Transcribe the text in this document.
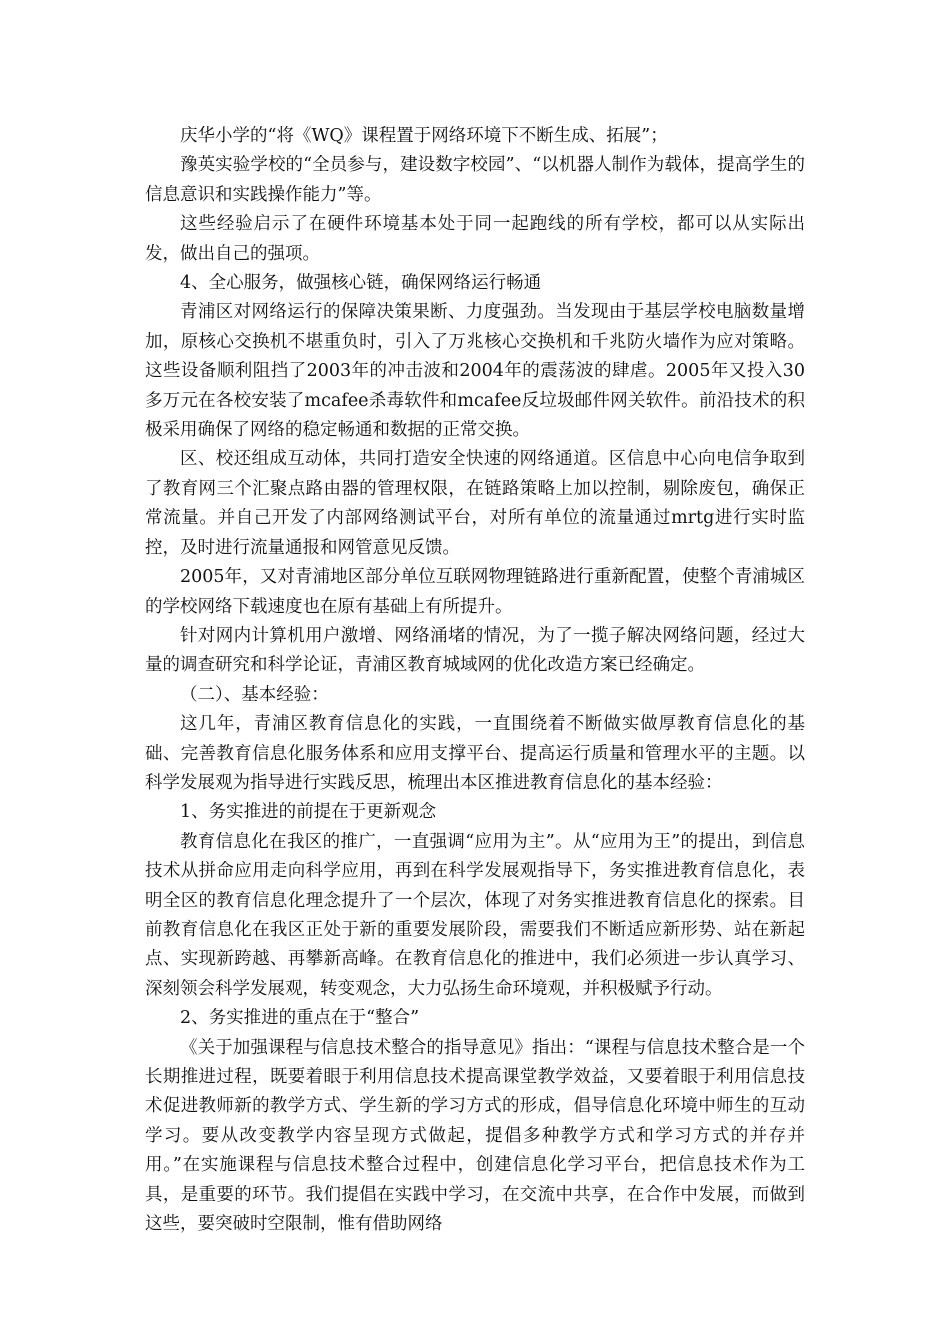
庆华小学的“将《WQ》课程置于网络环境下不断生成、拓展”；

豫英实验学校的“全员参与，建设数字校园”、“以机器人制作为载体，提高学生的信息意识和实践操作能力”等。

这些经验启示了在硬件环境基本处于同一起跑线的所有学校，都可以从实际出发，做出自己的强项。

4、全心服务，做强核心链，确保网络运行畅通

青浦区对网络运行的保障决策果断、力度强劲。当发现由于基层学校电脑数量增加，原核心交换机不堪重负时，引入了万兆核心交换机和千兆防火墙作为应对策略。这些设备顺利阻挡了2003年的冲击波和2004年的震荡波的肆虐。2005年又投入30多万元在各校安装了mcafee杀毒软件和mcafee反垃圾邮件网关软件。前沿技术的积极采用确保了网络的稳定畅通和数据的正常交换。

区、校还组成互动体，共同打造安全快速的网络通道。区信息中心向电信争取到了教育网三个汇聚点路由器的管理权限，在链路策略上加以控制，剔除废包，确保正常流量。并自己开发了内部网络测试平台，对所有单位的流量通过mrtg进行实时监控，及时进行流量通报和网管意见反馈。

2005年，又对青浦地区部分单位互联网物理链路进行重新配置，使整个青浦城区的学校网络下载速度也在原有基础上有所提升。

针对网内计算机用户激增、网络涌堵的情况，为了一揽子解决网络问题，经过大量的调查研究和科学论证，青浦区教育城域网的优化改造方案已经确定。

（二）、基本经验：

这几年，青浦区教育信息化的实践，一直围绕着不断做实做厚教育信息化的基础、完善教育信息化服务体系和应用支撑平台、提高运行质量和管理水平的主题。以科学发展观为指导进行实践反思，梳理出本区推进教育信息化的基本经验：

1、务实推进的前提在于更新观念

教育信息化在我区的推广，一直强调“应用为主”。从“应用为王”的提出，到信息技术从拼命应用走向科学应用，再到在科学发展观指导下，务实推进教育信息化，表明全区的教育信息化理念提升了一个层次，体现了对务实推进教育信息化的探索。目前教育信息化在我区正处于新的重要发展阶段，需要我们不断适应新形势、站在新起点、实现新跨越、再攀新高峰。在教育信息化的推进中，我们必须进一步认真学习、深刻领会科学发展观，转变观念，大力弘扬生命环境观，并积极赋予行动。

2、务实推进的重点在于“整合”

《关于加强课程与信息技术整合的指导意见》指出：“课程与信息技术整合是一个长期推进过程，既要着眼于利用信息技术提高课堂教学效益，又要着眼于利用信息技术促进教师新的教学方式、学生新的学习方式的形成，倡导信息化环境中师生的互动学习。要从改变教学内容呈现方式做起，提倡多种教学方式和学习方式的并存并用。”在实施课程与信息技术整合过程中，创建信息化学习平台，把信息技术作为工具，是重要的环节。我们提倡在实践中学习，在交流中共享，在合作中发展，而做到这些，要突破时空限制，惟有借助网络
